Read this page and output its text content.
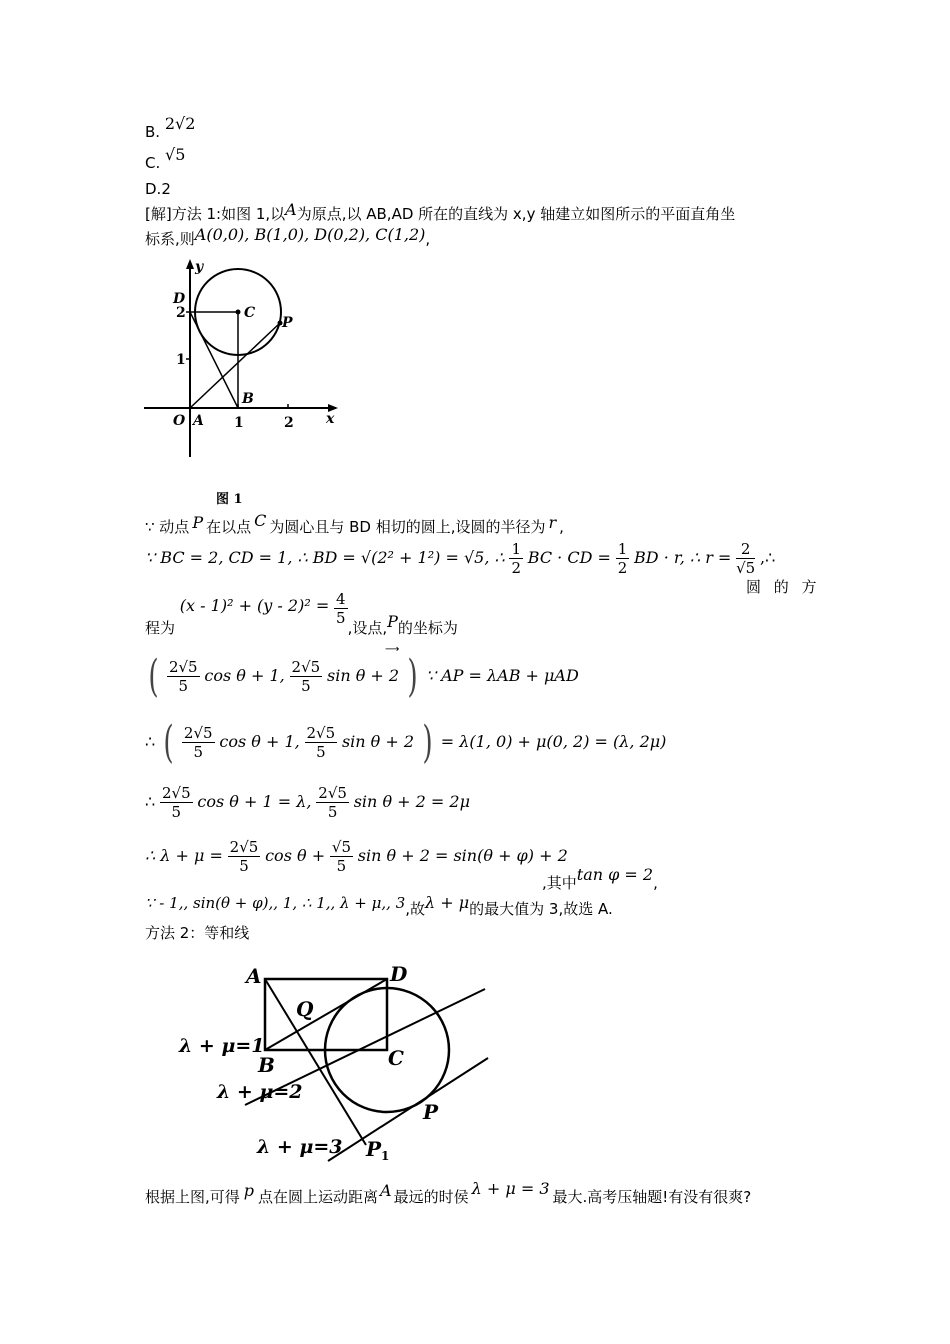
B. 2√2
C. √5
D.2
[解]方法 1:如图 1,以A为原点,以 AB,AD 所在的直线为 x,y 轴建立如图所示的平面直角坐
标系,则A(0,0), B(1,0), D(0,2), C(1,2),
y
x
D
2
1
C
P
B
O A 1	2
图 1
∵ 动点 P 在以点 C 为圆心且与 BD 相切的圆上,设圆的半径为 r ,
∵ BC = 2, CD = 1, ∴ BD = √(2² + 1²) = √5, ∴ $\frac{1}{2}$ BC · CD = $\frac{1}{2}$ BD · r, ∴ $r = \frac{2}{√5}$ ,∴
圆 的 方
程为 $(x - 1)^2 + (y - 2)^2 = \frac{4}{5}$
,设点,P的坐标为
( $\frac{2√5}{5}$ cos θ + 1, $\frac{2√5}{5}$ sin θ + 2 ) ∵ AP = λAB + μAD
⟶
∴ ( $\frac{2√5}{5}$ cos θ + 1, $\frac{2√5}{5}$ sin θ + 2 ) = λ(1, 0) + μ(0, 2) = (λ, 2μ)
∴ $\frac{2√5}{5}$ cos θ + 1 = λ, $\frac{2√5}{5}$ sin θ + 2 = 2μ
∴ $\lambda + \mu = \frac{2√5}{5}$ $\cos \theta + \frac{√5}{5}$ sin θ + 2 = sin(θ + φ) + 2
,其中tan φ = 2,
∵ - 1,, sin(θ + φ),, 1, ∴ 1,, λ + μ,, 3,故λ + μ的最大值为 3,故选 A.
方法 2：等和线
A	D
Q
B	C
P
$P_1$
λ + μ=1
λ + μ=2
λ + μ=3
根据上图,可得 p 点在圆上运动距离 A 最远的时侯 λ + μ = 3 最大.高考压轴题!有没有很爽?
